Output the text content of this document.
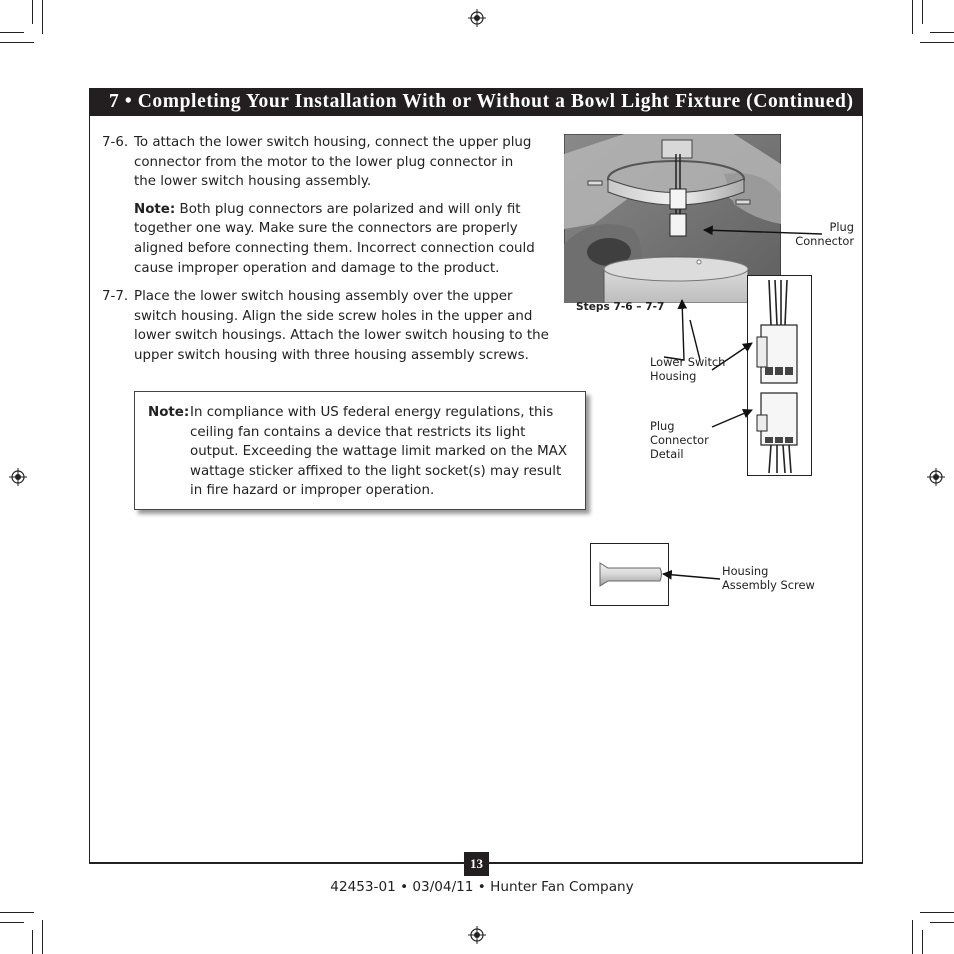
7 • Completing Your Installation With or Without a Bowl Light Fixture (Continued)
7-6. To attach the lower switch housing, connect the upper plug connector from the motor to the lower plug connector in the lower switch housing assembly.

Note: Both plug connectors are polarized and will only fit together one way. Make sure the connectors are properly aligned before connecting them. Incorrect connection could cause improper operation and damage to the product.

7-7. Place the lower switch housing assembly over the upper switch housing. Align the side screw holes in the upper and lower switch housings. Attach the lower switch housing to the upper switch housing with three housing assembly screws.

Note: In compliance with US federal energy regulations, this ceiling fan contains a device that restricts its light output. Exceeding the wattage limit marked on the MAX wattage sticker affixed to the light socket(s) may result in fire hazard or improper operation.
Steps 7-6 – 7-7
Plug Connector
Lower Switch Housing
Plug Connector Detail
Housing Assembly Screw
13
42453-01 • 03/04/11 • Hunter Fan Company
